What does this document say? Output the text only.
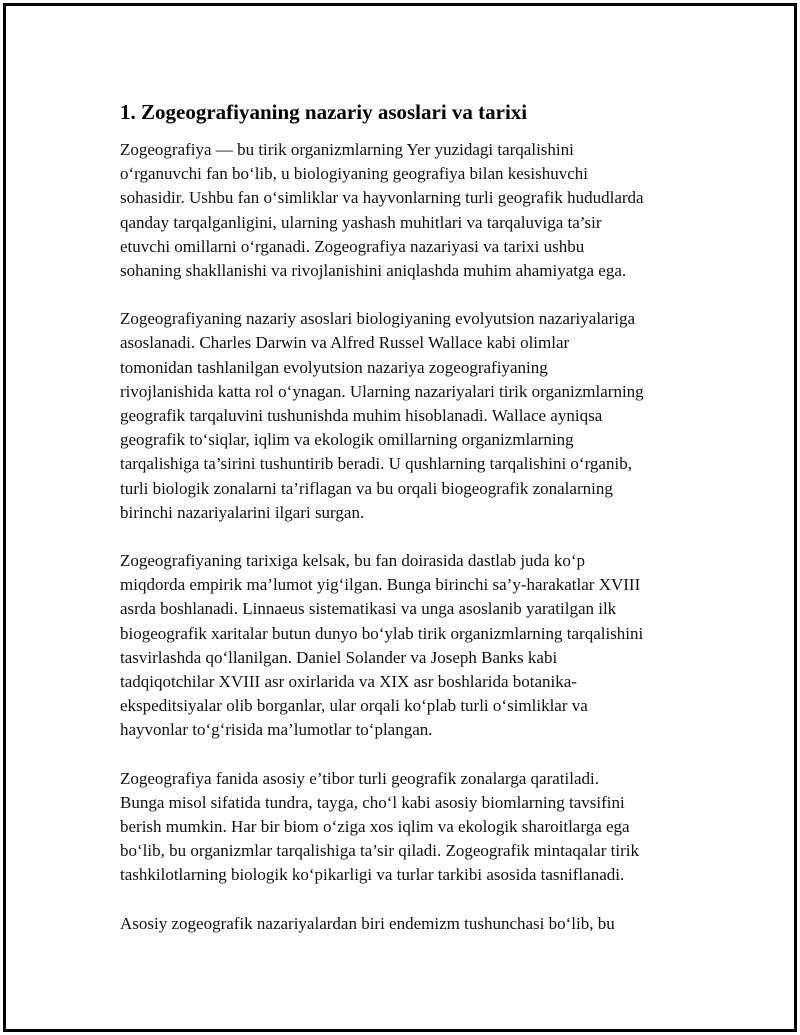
1. Zogeografiyaning nazariy asoslari va tarixi

Zogeografiya — bu tirik organizmlarning Yer yuzidagi tarqalishini
o‘rganuvchi fan bo‘lib, u biologiyaning geografiya bilan kesishuvchi
sohasidir. Ushbu fan o‘simliklar va hayvonlarning turli geografik hududlarda
qanday tarqalganligini, ularning yashash muhitlari va tarqaluviga ta’sir
etuvchi omillarni o‘rganadi. Zogeografiya nazariyasi va tarixi ushbu
sohaning shakllanishi va rivojlanishini aniqlashda muhim ahamiyatga ega.

Zogeografiyaning nazariy asoslari biologiyaning evolyutsion nazariyalariga
asoslanadi. Charles Darwin va Alfred Russel Wallace kabi olimlar
tomonidan tashlanilgan evolyutsion nazariya zogeografiyaning
rivojlanishida katta rol o‘ynagan. Ularning nazariyalari tirik organizmlarning
geografik tarqaluvini tushunishda muhim hisoblanadi. Wallace ayniqsa
geografik to‘siqlar, iqlim va ekologik omillarning organizmlarning
tarqalishiga ta’sirini tushuntirib beradi. U qushlarning tarqalishini o‘rganib,
turli biologik zonalarni ta’riflagan va bu orqali biogeografik zonalarning
birinchi nazariyalarini ilgari surgan.

Zogeografiyaning tarixiga kelsak, bu fan doirasida dastlab juda ko‘p
miqdorda empirik ma’lumot yig‘ilgan. Bunga birinchi sa’y-harakatlar XVIII
asrda boshlanadi. Linnaeus sistematikasi va unga asoslanib yaratilgan ilk
biogeografik xaritalar butun dunyo bo‘ylab tirik organizmlarning tarqalishini
tasvirlashda qo‘llanilgan. Daniel Solander va Joseph Banks kabi
tadqiqotchilar XVIII asr oxirlarida va XIX asr boshlarida botanika-
ekspeditsiyalar olib borganlar, ular orqali ko‘plab turli o‘simliklar va
hayvonlar to‘g‘risida ma’lumotlar to‘plangan.

Zogeografiya fanida asosiy e’tibor turli geografik zonalarga qaratiladi.
Bunga misol sifatida tundra, tayga, cho‘l kabi asosiy biomlarning tavsifini
berish mumkin. Har bir biom o‘ziga xos iqlim va ekologik sharoitlarga ega
bo‘lib, bu organizmlar tarqalishiga ta’sir qiladi. Zogeografik mintaqalar tirik
tashkilotlarning biologik ko‘pikarligi va turlar tarkibi asosida tasniflanadi.

Asosiy zogeografik nazariyalardan biri endemizm tushunchasi bo‘lib, bu
